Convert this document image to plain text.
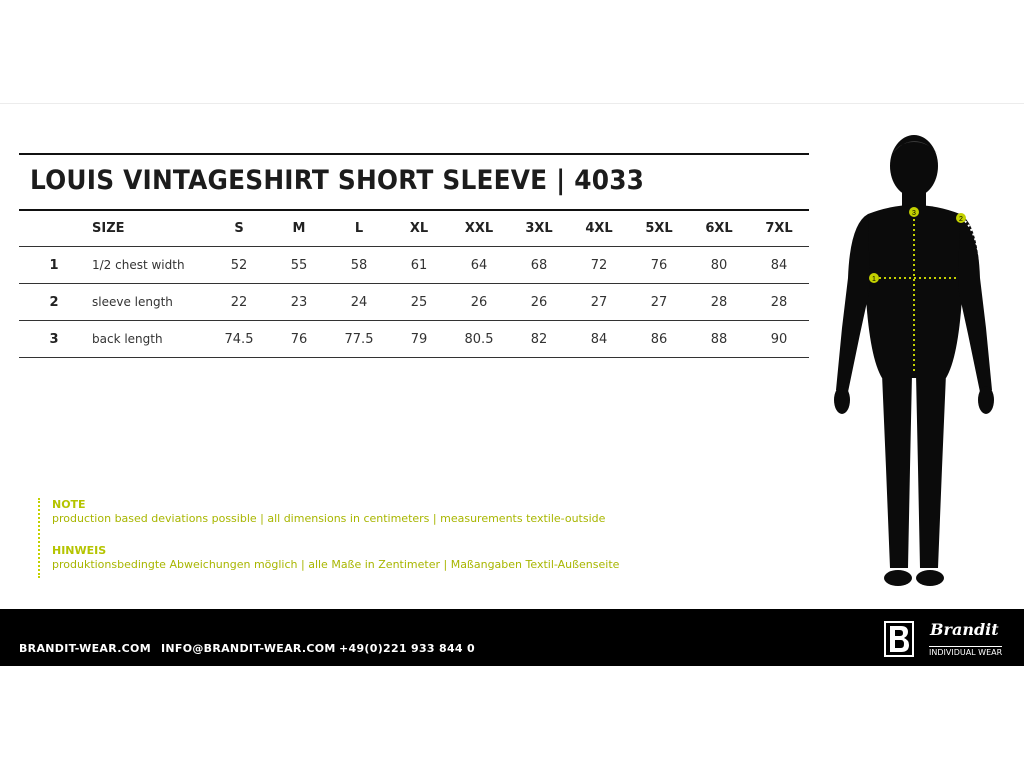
LOUIS VINTAGESHIRT SHORT SLEEVE | 4033
	SIZE	S	M	L	XL	XXL	3XL	4XL	5XL	6XL	7XL
1	1/2 chest width	52	55	58	61	64	68	72	76	80	84
2	sleeve length	22	23	24	25	26	26	27	27	28	28
3	back length	74.5	76	77.5	79	80.5	82	84	86	88	90
NOTE
production based deviations possible | all dimensions in centimeters | measurements textile-outside
HINWEIS
produktionsbedingte Abweichungen möglich | alle Maße in Zentimeter | Maßangaben Textil-Außenseite
1
2
3
BRANDIT-WEAR.COM INFO@BRANDIT-WEAR.COM +49(0)221 933 844 0
Brandit
INDIVIDUAL WEAR
